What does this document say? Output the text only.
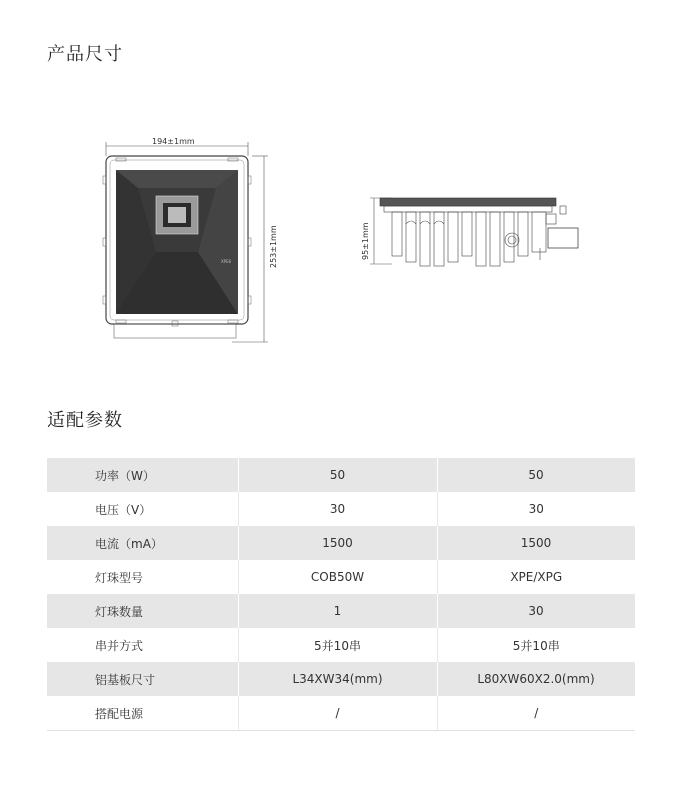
产品尺寸
194±1mm
XPE6	253±1mm	95±1mm
适配参数
功率（W）	50	50
电压（V）	30	30
电流（mA）	1500	1500
灯珠型号	COB50W	XPE/XPG
灯珠数量	1	30
串并方式	5并10串	5并10串
铝基板尺寸	L34XW34(mm)	L80XW60X2.0(mm)
搭配电源	/	/
